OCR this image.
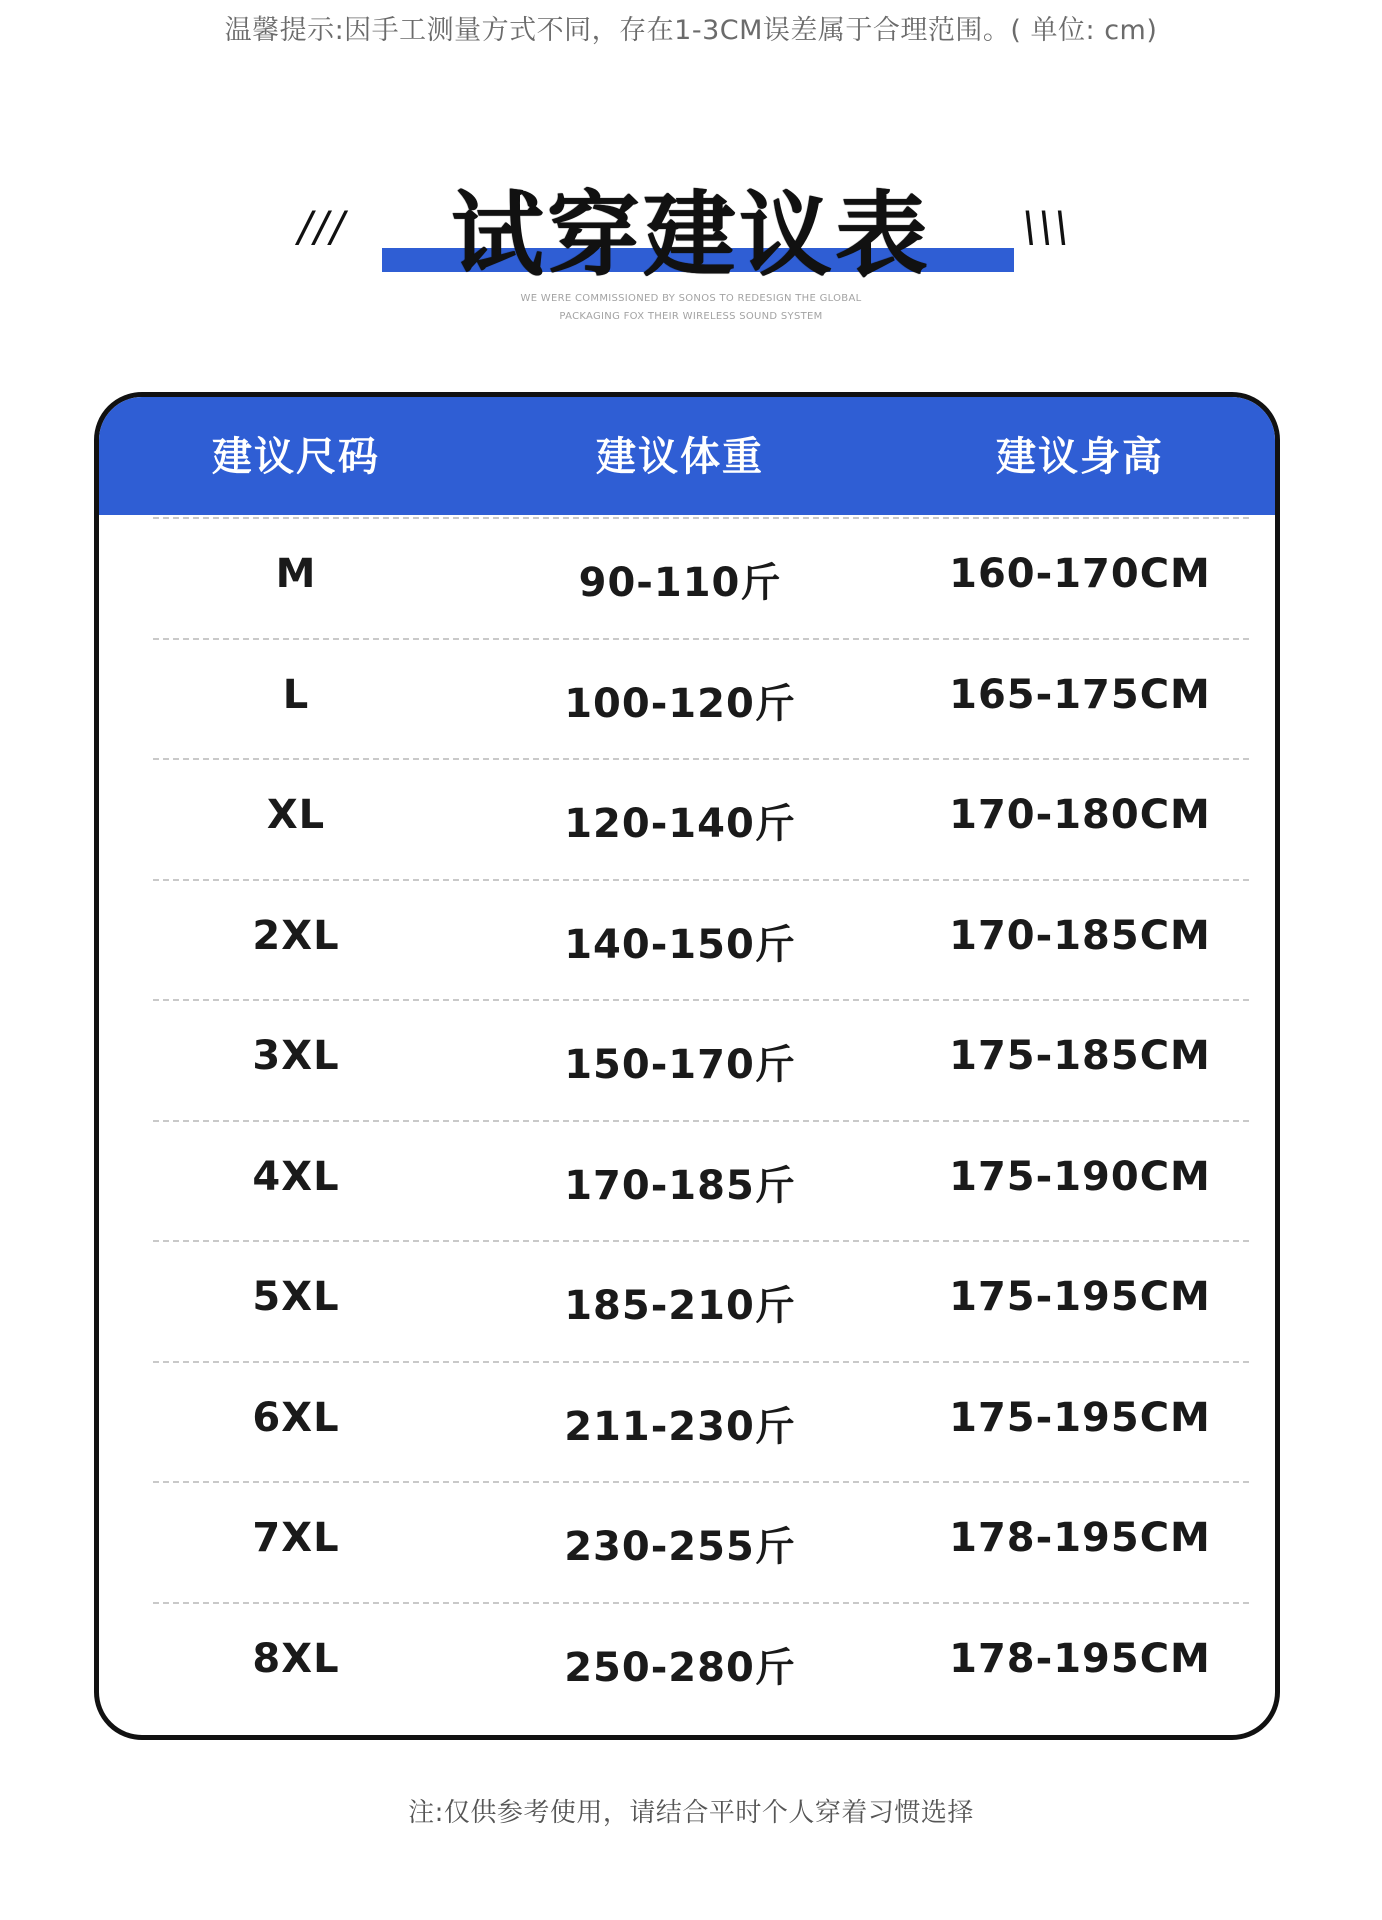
温馨提示:因手工测量方式不同，存在1-3CM误差属于合理范围。( 单位: cm)
///	试穿建议表	\\\
WE WERE COMMISSIONED BY SONOS TO REDESIGN THE GLOBAL
PACKAGING FOX THEIR WIRELESS SOUND SYSTEM
建议尺码	建议体重	建议身高
M	90-110斤	160-170CM
L	100-120斤	165-175CM
XL	120-140斤	170-180CM
2XL	140-150斤	170-185CM
3XL	150-170斤	175-185CM
4XL	170-185斤	175-190CM
5XL	185-210斤	175-195CM
6XL	211-230斤	175-195CM
7XL	230-255斤	178-195CM
8XL	250-280斤	178-195CM
注:仅供参考使用，请结合平时个人穿着习惯选择
